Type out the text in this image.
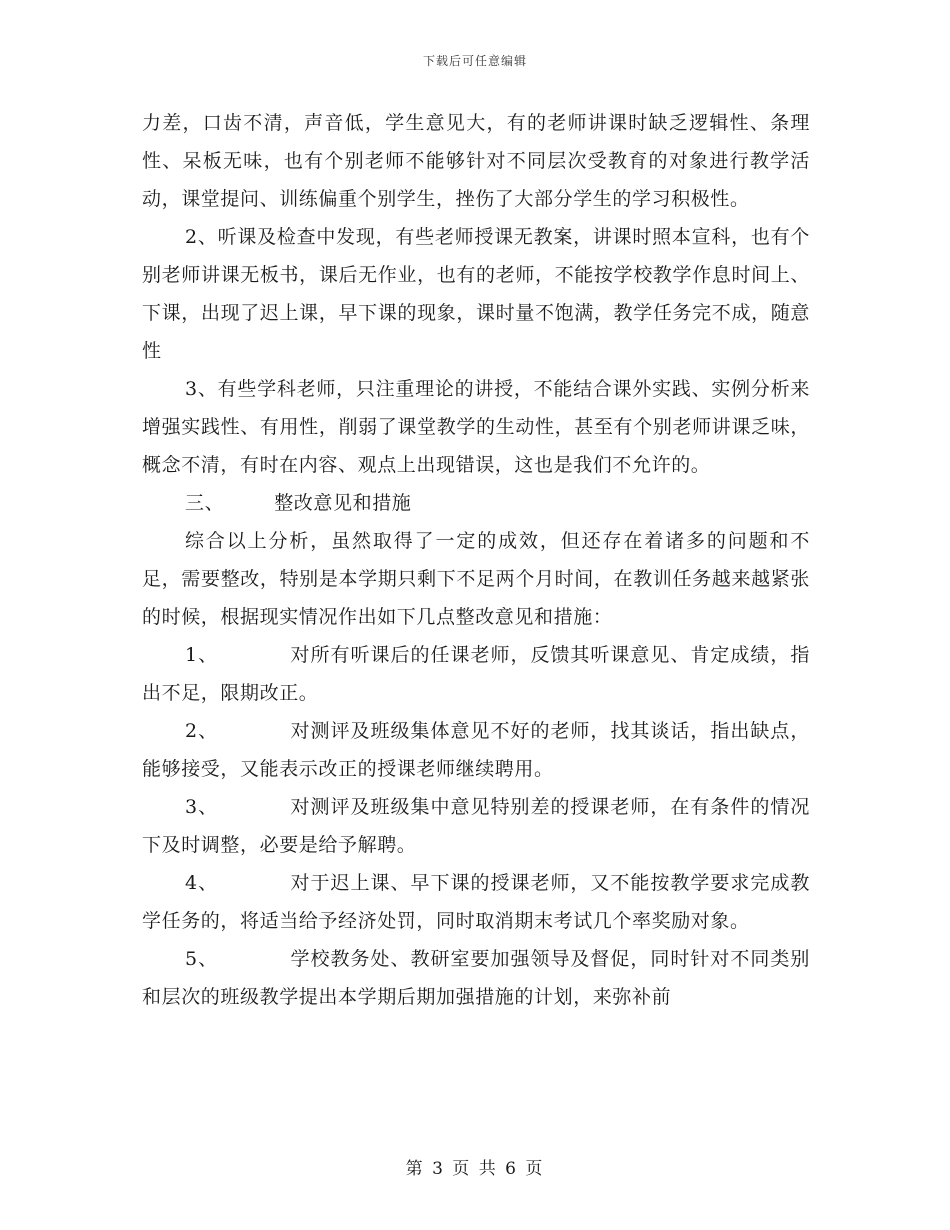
下载后可任意编辑

力差，口齿不清，声音低，学生意见大，有的老师讲课时缺乏逻辑性、条理性、呆板无味，也有个别老师不能够针对不同层次受教育的对象进行教学活动，课堂提问、训练偏重个别学生，挫伤了大部分学生的学习积极性。

2、听课及检查中发现，有些老师授课无教案，讲课时照本宣科，也有个别老师讲课无板书，课后无作业，也有的老师，不能按学校教学作息时间上、下课，出现了迟上课，早下课的现象，课时量不饱满，教学任务完不成，随意性

3、有些学科老师，只注重理论的讲授，不能结合课外实践、实例分析来增强实践性、有用性，削弱了课堂教学的生动性，甚至有个别老师讲课乏味，概念不清，有时在内容、观点上出现错误，这也是我们不允许的。

三、	整改意见和措施

综合以上分析，虽然取得了一定的成效，但还存在着诸多的问题和不足，需要整改，特别是本学期只剩下不足两个月时间，在教训任务越来越紧张的时候，根据现实情况作出如下几点整改意见和措施：

1、	对所有听课后的任课老师，反馈其听课意见、肯定成绩，指出不足，限期改正。

2、	对测评及班级集体意见不好的老师，找其谈话，指出缺点，能够接受，又能表示改正的授课老师继续聘用。

3、	对测评及班级集中意见特别差的授课老师，在有条件的情况下及时调整，必要是给予解聘。

4、	对于迟上课、早下课的授课老师，又不能按教学要求完成教学任务的，将适当给予经济处罚，同时取消期末考试几个率奖励对象。

5、	学校教务处、教研室要加强领导及督促，同时针对不同类别和层次的班级教学提出本学期后期加强措施的计划，来弥补前

第 3 页 共 6 页
